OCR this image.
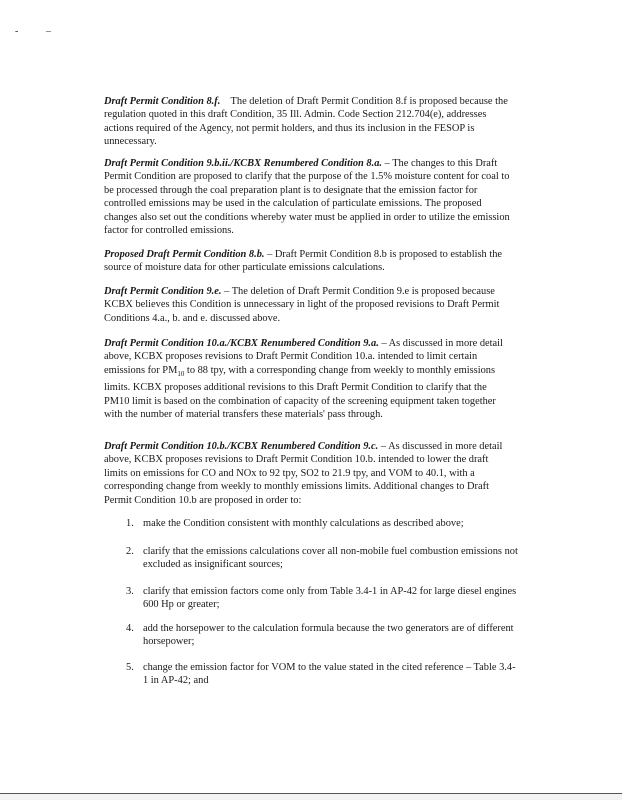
-	–

Draft Permit Condition 8.f. The deletion of Draft Permit Condition 8.f is proposed because the regulation quoted in this draft Condition, 35 Ill. Admin. Code Section 212.704(e), addresses actions required of the Agency, not permit holders, and thus its inclusion in the FESOP is unnecessary.

Draft Permit Condition 9.b.ii./KCBX Renumbered Condition 8.a. – The changes to this Draft Permit Condition are proposed to clarify that the purpose of the 1.5% moisture content for coal to be processed through the coal preparation plant is to designate that the emission factor for controlled emissions may be used in the calculation of particulate emissions. The proposed changes also set out the conditions whereby water must be applied in order to utilize the emission factor for controlled emissions.

Proposed Draft Permit Condition 8.b. – Draft Permit Condition 8.b is proposed to establish the source of moisture data for other particulate emissions calculations.

Draft Permit Condition 9.e. – The deletion of Draft Permit Condition 9.e is proposed because KCBX believes this Condition is unnecessary in light of the proposed revisions to Draft Permit Conditions 4.a., b. and e. discussed above.

Draft Permit Condition 10.a./KCBX Renumbered Condition 9.a. – As discussed in more detail above, KCBX proposes revisions to Draft Permit Condition 10.a. intended to limit certain emissions for $PM_{10}$ to 88 tpy, with a corresponding change from weekly to monthly emissions limits. KCBX proposes additional revisions to this Draft Permit Condition to clarify that the PM10 limit is based on the combination of capacity of the screening equipment taken together with the number of material transfers these materials' pass through.

Draft Permit Condition 10.b./KCBX Renumbered Condition 9.c. – As discussed in more detail above, KCBX proposes revisions to Draft Permit Condition 10.b. intended to lower the draft limits on emissions for CO and NOx to 92 tpy, SO2 to 21.9 tpy, and VOM to 40.1, with a corresponding change from weekly to monthly emissions limits. Additional changes to Draft Permit Condition 10.b are proposed in order to:

1. make the Condition consistent with monthly calculations as described above;
2. clarify that the emissions calculations cover all non-mobile fuel combustion emissions not excluded as insignificant sources;
3. clarify that emission factors come only from Table 3.4-1 in AP-42 for large diesel engines 600 Hp or greater;
4. add the horsepower to the calculation formula because the two generators are of different horsepower;
5. change the emission factor for VOM to the value stated in the cited reference – Table 3.4-1 in AP-42; and
